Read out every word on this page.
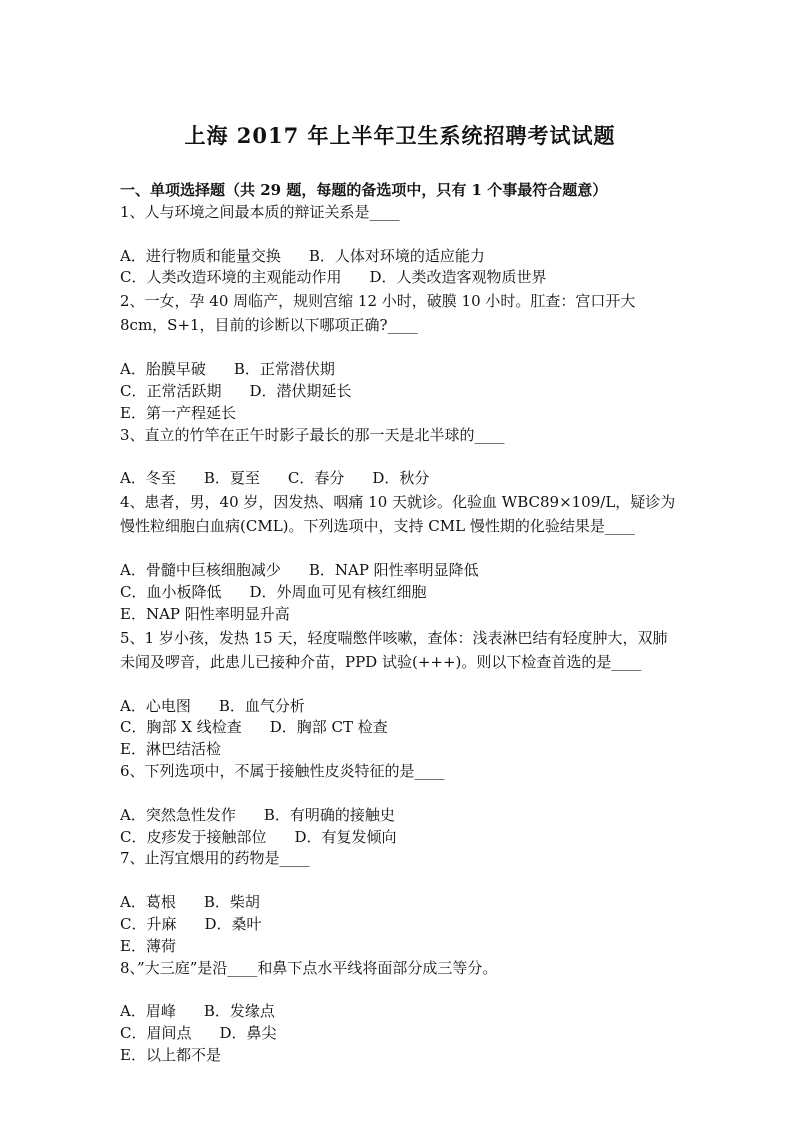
上海 2017 年上半年卫生系统招聘考试试题
一、单项选择题（共 29 题，每题的备选项中，只有 1 个事最符合题意）
1、人与环境之间最本质的辩证关系是____
A．进行物质和能量交换 B．人体对环境的适应能力
C．人类改造环境的主观能动作用 D．人类改造客观物质世界
2、一女，孕 40 周临产，规则宫缩 12 小时，破膜 10 小时。肛查：宫口开大 8cm，S+1，目前的诊断以下哪项正确?____
A．胎膜早破 B．正常潜伏期
C．正常活跃期 D．潜伏期延长
E．第一产程延长
3、直立的竹竿在正午时影子最长的那一天是北半球的____
A．冬至 B．夏至 C．春分 D．秋分
4、患者，男，40 岁，因发热、咽痛 10 天就诊。化验血 WBC89×109/L，疑诊为慢性粒细胞白血病(CML)。下列选项中，支持 CML 慢性期的化验结果是____
A．骨髓中巨核细胞减少 B．NAP 阳性率明显降低
C．血小板降低 D．外周血可见有核红细胞
E．NAP 阳性率明显升高
5、1 岁小孩，发热 15 天，轻度喘憋伴咳嗽，查体：浅表淋巴结有轻度肿大，双肺未闻及啰音，此患儿已接种介苗，PPD 试验(+++)。则以下检查首选的是____
A．心电图 B．血气分析
C．胸部 X 线检查 D．胸部 CT 检查
E．淋巴结活检
6、下列选项中，不属于接触性皮炎特征的是____
A．突然急性发作 B．有明确的接触史
C．皮疹发于接触部位 D．有复发倾向
7、止泻宜煨用的药物是____
A．葛根 B．柴胡
C．升麻 D．桑叶
E．薄荷
8、”大三庭”是沿____和鼻下点水平线将面部分成三等分。
A．眉峰 B．发缘点
C．眉间点 D．鼻尖
E．以上都不是
